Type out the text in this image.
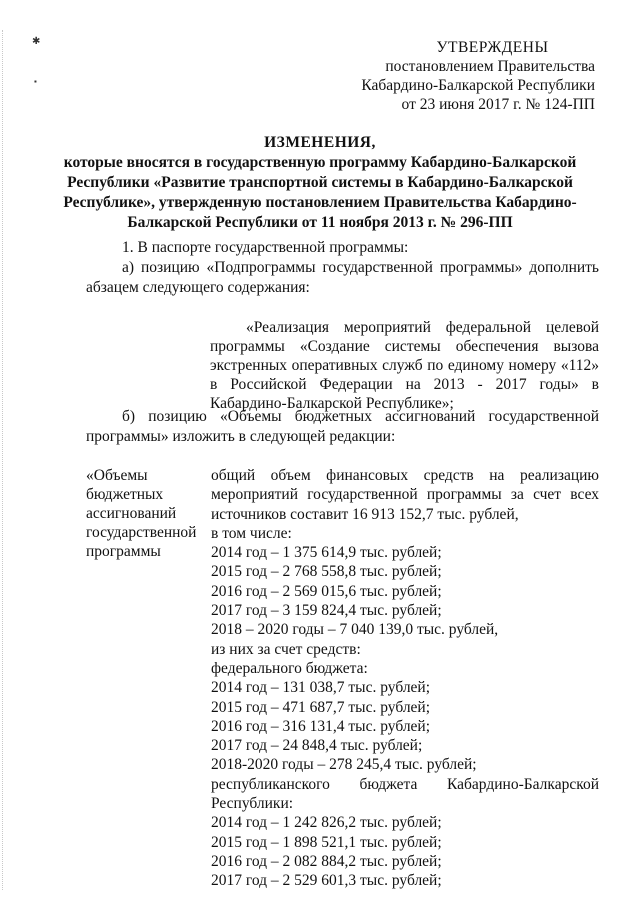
✱
▪
УТВЕРЖДЕНЫ
постановлением Правительства
Кабардино-Балкарской Республики
от 23 июня 2017 г. № 124-ПП
ИЗМЕНЕНИЯ,
которые вносятся в государственную программу Кабардино-Балкарской
Республики «Развитие транспортной системы в Кабардино-Балкарской
Республике», утвержденную постановлением Правительства Кабардино-
Балкарской Республики от 11 ноября 2013 г. № 296-ПП
1. В паспорте государственной программы:
а) позицию «Подпрограммы государственной программы» дополнить абзацем следующего содержания:
«Реализация мероприятий федеральной целевой программы «Создание системы обеспечения вызова экстренных оперативных служб по единому номеру «112» в Российской Федерации на 2013 - 2017 годы» в Кабардино-Балкарской Республике»;
б) позицию «Объемы бюджетных ассигнований государственной программы» изложить в следующей редакции:
«Объемы
бюджетных
ассигнований
государственной
программы
общий объем финансовых средств на реализацию мероприятий государственной программы за счет всех источников составит 16 913 152,7 тыс. рублей,
в том числе:
2014 год – 1 375 614,9 тыс. рублей;
2015 год – 2 768 558,8 тыс. рублей;
2016 год – 2 569 015,6 тыс. рублей;
2017 год – 3 159 824,4 тыс. рублей;
2018 – 2020 годы – 7 040 139,0 тыс. рублей,
из них за счет средств:
федерального бюджета:
2014 год – 131 038,7 тыс. рублей;
2015 год – 471 687,7 тыс. рублей;
2016 год – 316 131,4 тыс. рублей;
2017 год – 24 848,4 тыс. рублей;
2018-2020 годы – 278 245,4 тыс. рублей;
республиканского бюджета Кабардино-Балкарской Республики:
2014 год – 1 242 826,2 тыс. рублей;
2015 год – 1 898 521,1 тыс. рублей;
2016 год – 2 082 884,2 тыс. рублей;
2017 год – 2 529 601,3 тыс. рублей;
